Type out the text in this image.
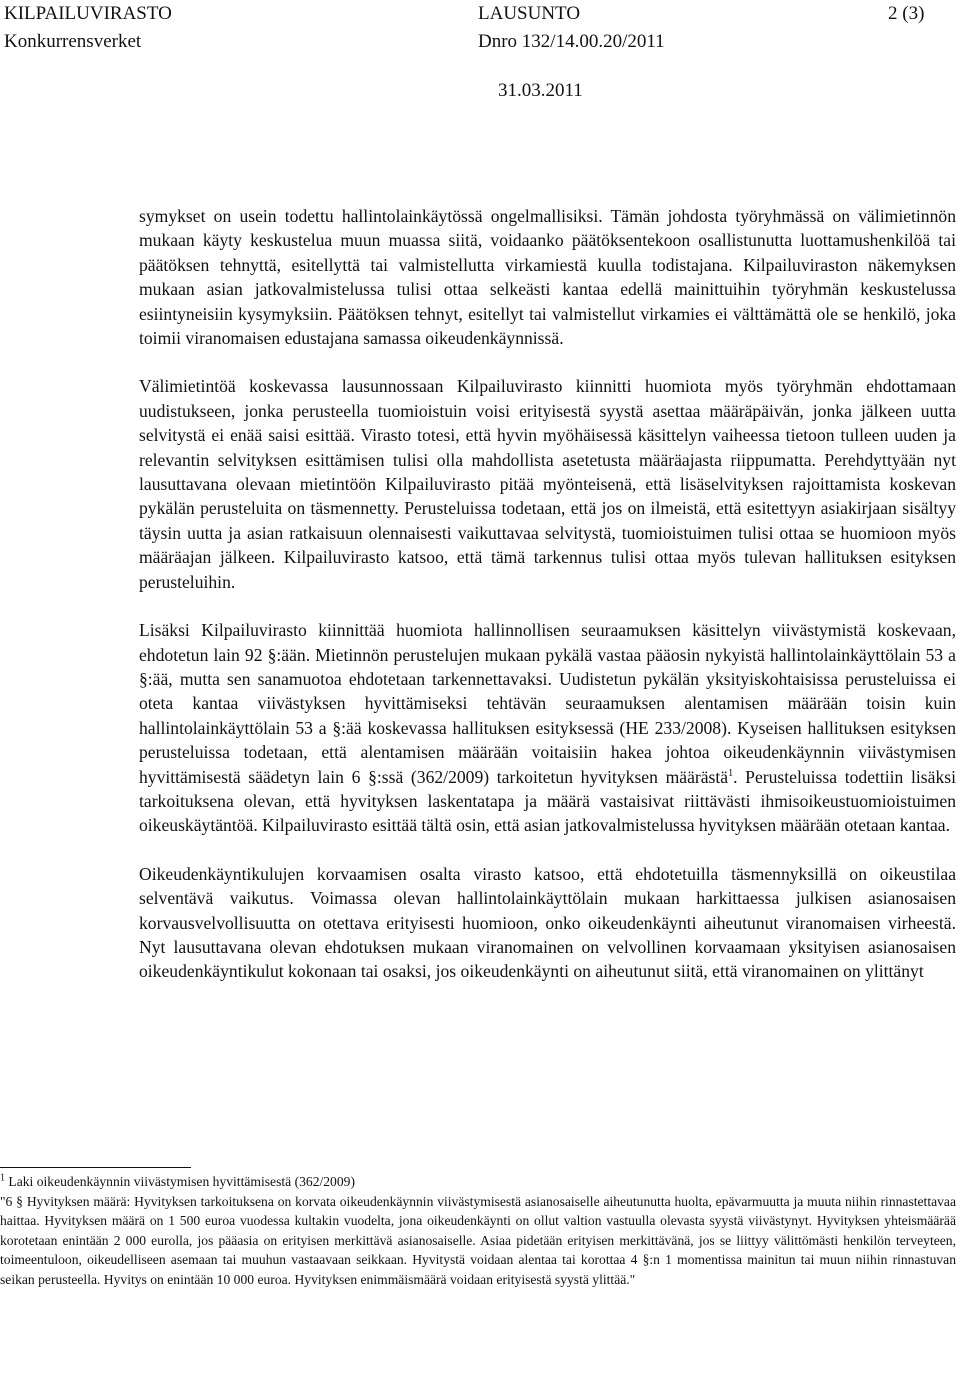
KILPAILUVIRASTO
Konkurrensverket
LAUSUNTO
Dnro 132/14.00.20/2011
2 (3)
31.03.2011

symykset on usein todettu hallintolainkäytössä ongelmallisiksi. Tämän johdosta työryhmässä on välimietinnön mukaan käyty keskustelua muun muassa siitä, voidaanko päätöksentekoon osallistunutta luottamushenkilöä tai päätöksen tehnyttä, esitellyttä tai valmistellutta virkamiestä kuulla todistajana. Kilpailuviraston näkemyksen mukaan asian jatkovalmistelussa tulisi ottaa selkeästi kantaa edellä mainittuihin työryhmän keskustelussa esiintyneisiin kysymyksiin. Päätöksen tehnyt, esitellyt tai valmistellut virkamies ei välttämättä ole se henkilö, joka toimii viranomaisen edustajana samassa oikeudenkäynnissä.

Välimietintöä koskevassa lausunnossaan Kilpailuvirasto kiinnitti huomiota myös työryhmän ehdottamaan uudistukseen, jonka perusteella tuomioistuin voisi erityisestä syystä asettaa määräpäivän, jonka jälkeen uutta selvitystä ei enää saisi esittää. Virasto totesi, että hyvin myöhäisessä käsittelyn vaiheessa tietoon tulleen uuden ja relevantin selvityksen esittämisen tulisi olla mahdollista asetetusta määräajasta riippumatta. Perehdyttyään nyt lausuttavana olevaan mietintöön Kilpailuvirasto pitää myönteisenä, että lisäselvityksen rajoittamista koskevan pykälän perusteluita on täsmennetty. Perusteluissa todetaan, että jos on ilmeistä, että esitettyyn asiakirjaan sisältyy täysin uutta ja asian ratkaisuun olennaisesti vaikuttavaa selvitystä, tuomioistuimen tulisi ottaa se huomioon myös määräajan jälkeen. Kilpailuvirasto katsoo, että tämä tarkennus tulisi ottaa myös tulevan hallituksen esityksen perusteluihin.

Lisäksi Kilpailuvirasto kiinnittää huomiota hallinnollisen seuraamuksen käsittelyn viivästymistä koskevaan, ehdotetun lain 92 §:ään. Mietinnön perustelujen mukaan pykälä vastaa pääosin nykyistä hallintolainkäyttölain 53 a §:ää, mutta sen sanamuotoa ehdotetaan tarkennettavaksi. Uudistetun pykälän yksityiskohtaisissa perusteluissa ei oteta kantaa viivästyksen hyvittämiseksi tehtävän seuraamuksen alentamisen määrään toisin kuin hallintolainkäyttölain 53 a §:ää koskevassa hallituksen esityksessä (HE 233/2008). Kyseisen hallituksen esityksen perusteluissa todetaan, että alentamisen määrään voitaisiin hakea johtoa oikeudenkäynnin viivästymisen hyvittämisestä säädetyn lain 6 §:ssä (362/2009) tarkoitetun hyvityksen määrästä$^1$. Perusteluissa todettiin lisäksi tarkoituksena olevan, että hyvityksen laskentatapa ja määrä vastaisivat riittävästi ihmisoikeustuomioistuimen oikeuskäytäntöä. Kilpailuvirasto esittää tältä osin, että asian jatkovalmistelussa hyvityksen määrään otetaan kantaa.

Oikeudenkäyntikulujen korvaamisen osalta virasto katsoo, että ehdotetuilla täsmennyksillä on oikeustilaa selventävä vaikutus. Voimassa olevan hallintolainkäyttölain mukaan harkittaessa julkisen asianosaisen korvausvelvollisuutta on otettava erityisesti huomioon, onko oikeudenkäynti aiheutunut viranomaisen virheestä. Nyt lausuttavana olevan ehdotuksen mukaan viranomainen on velvollinen korvaamaan yksityisen asianosaisen oikeudenkäyntikulut kokonaan tai osaksi, jos oikeudenkäynti on aiheutunut siitä, että viranomainen on ylittänyt

$^1$ Laki oikeudenkäynnin viivästymisen hyvittämisestä (362/2009)

"6 § Hyvityksen määrä: Hyvityksen tarkoituksena on korvata oikeudenkäynnin viivästymisestä asianosaiselle aiheutunutta huolta, epävarmuutta ja muuta niihin rinnastettavaa haittaa. Hyvityksen määrä on 1 500 euroa vuodessa kultakin vuodelta, jona oikeudenkäynti on ollut valtion vastuulla olevasta syystä viivästynyt. Hyvityksen yhteismäärää korotetaan enintään 2 000 eurolla, jos pääasia on erityisen merkittävä asianosaiselle. Asiaa pidetään erityisen merkittävänä, jos se liittyy välittömästi henkilön terveyteen, toimeentuloon, oikeudelliseen asemaan tai muuhun vastaavaan seikkaan. Hyvitystä voidaan alentaa tai korottaa 4 §:n 1 momentissa mainitun tai muun niihin rinnastuvan seikan perusteella. Hyvitys on enintään 10 000 euroa. Hyvityksen enimmäismäärä voidaan erityisestä syystä ylittää."
